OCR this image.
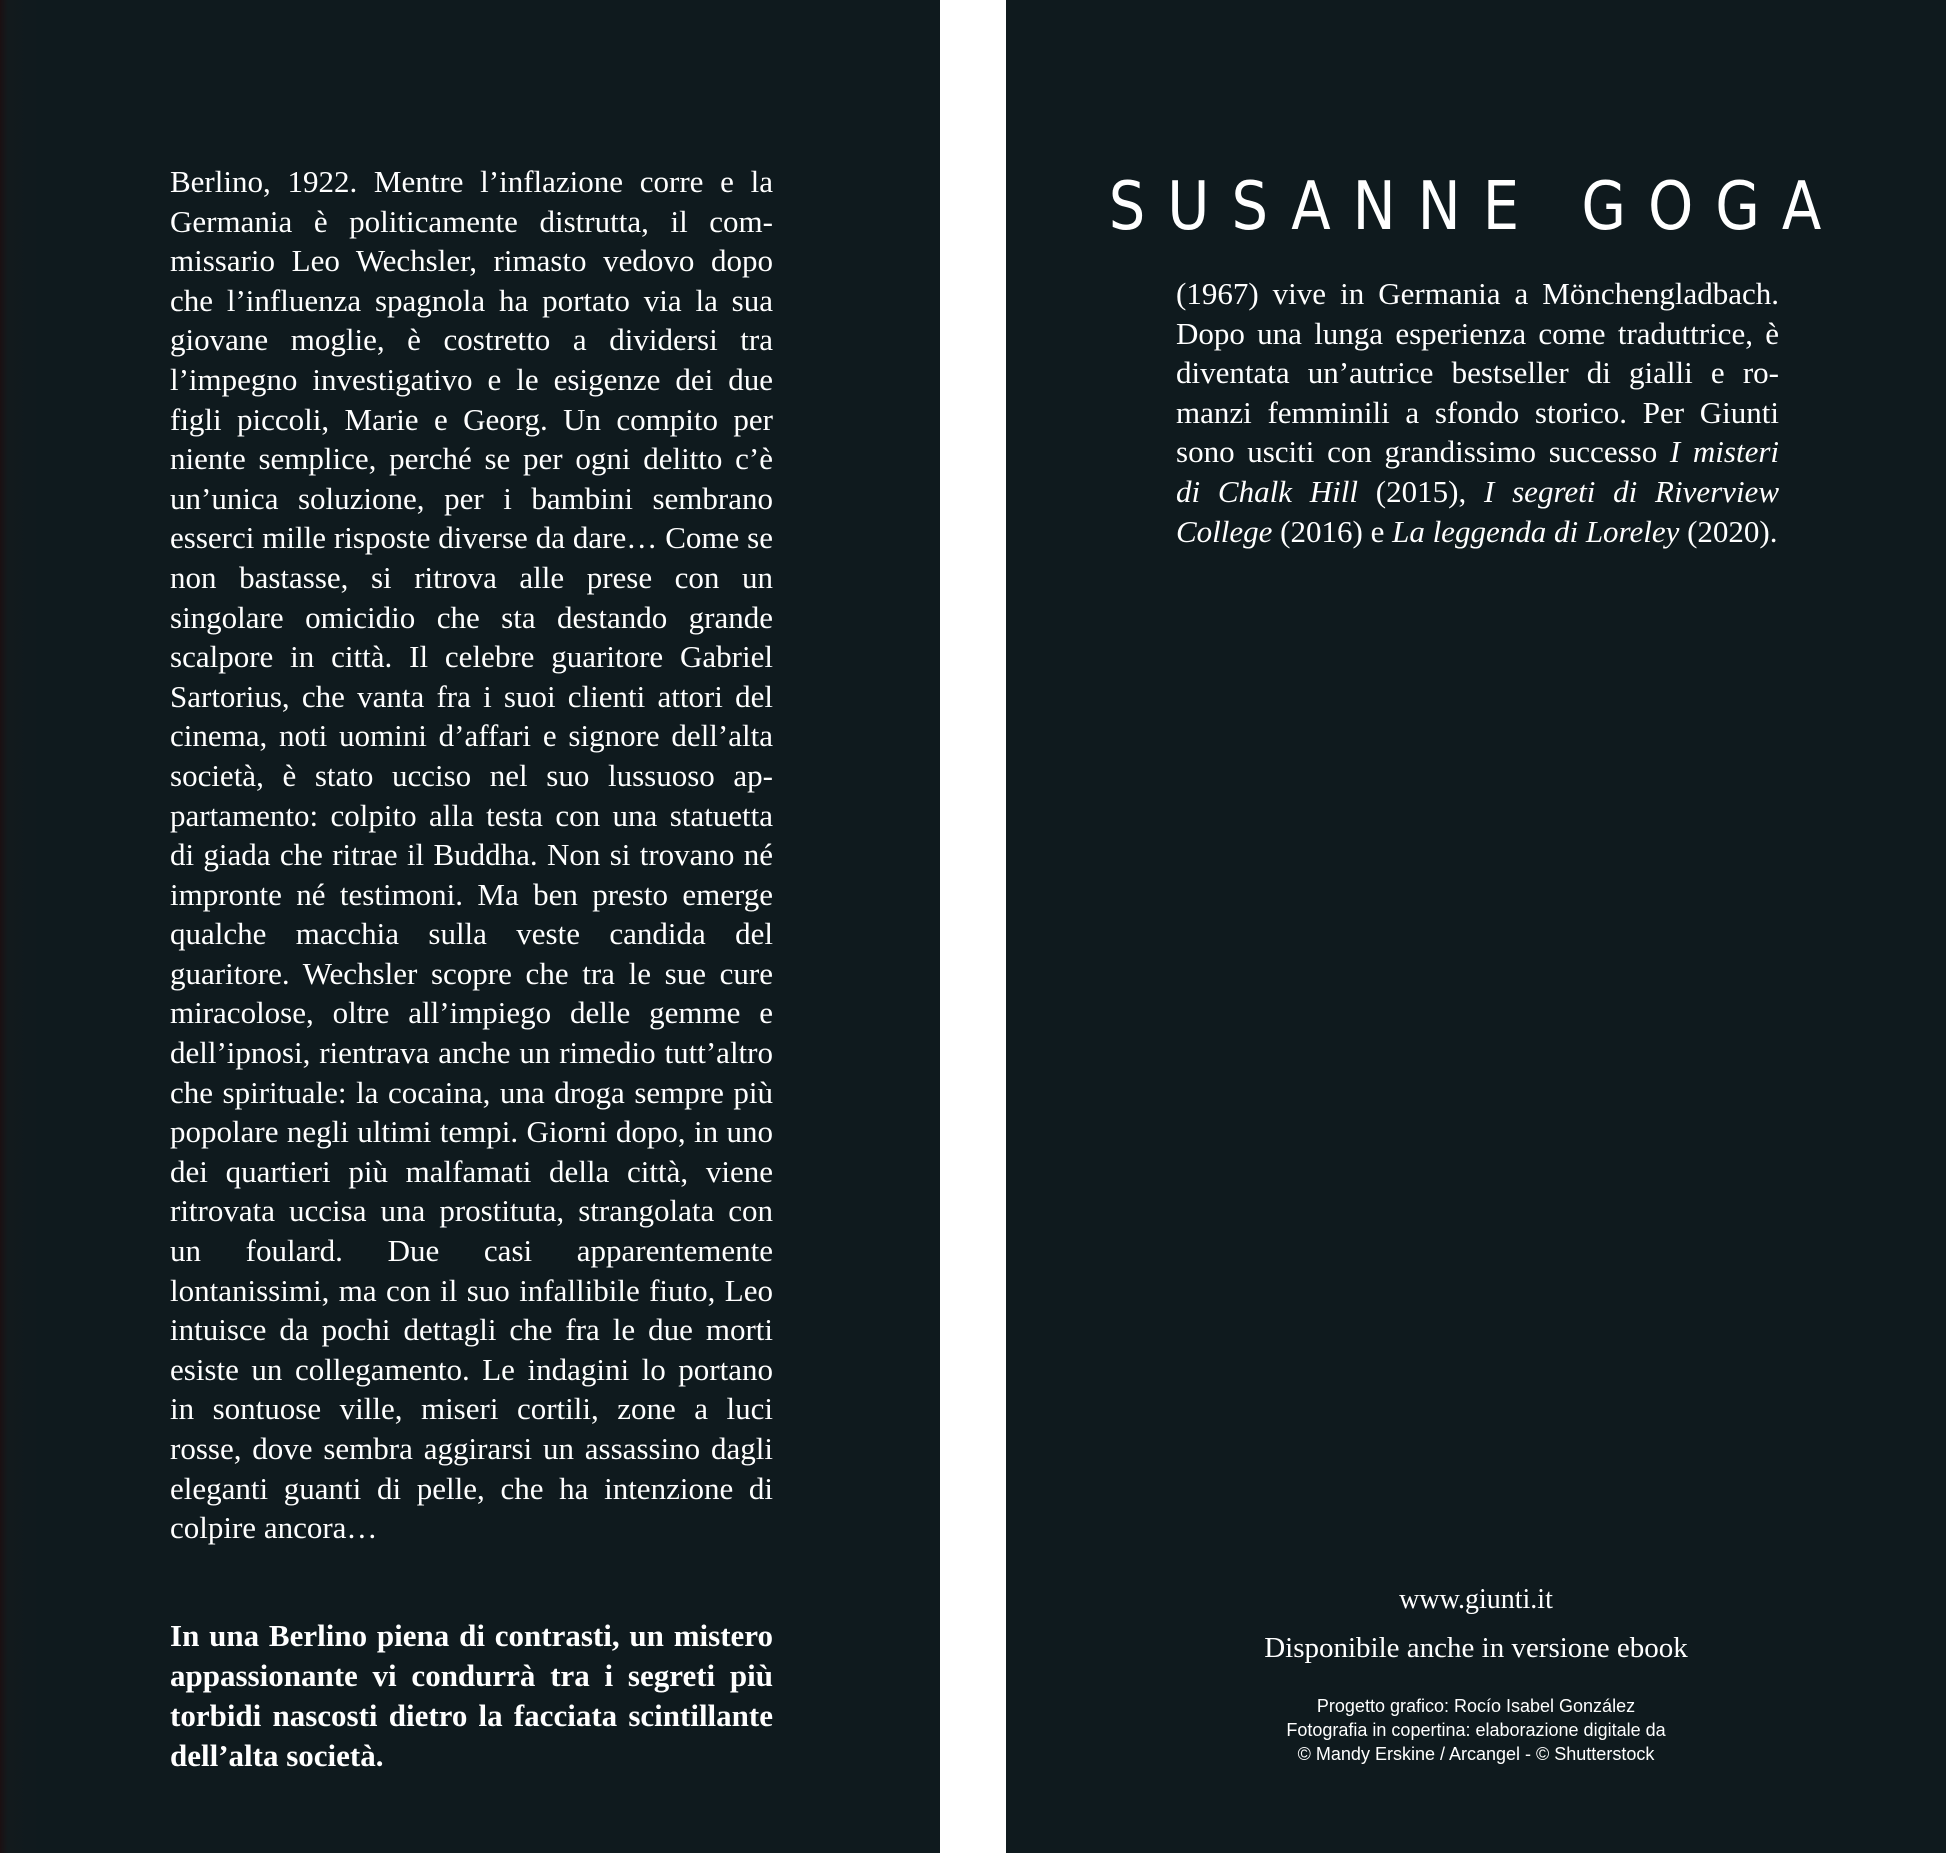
Berlino, 1922. Mentre l’inflazione corre e la Germania è politicamente distrutta, il commissario Leo Wechsler, rimasto vedovo dopo che l’influenza spagnola ha portato via la sua giovane moglie, è costretto a dividersi tra l’impegno investigativo e le esigenze dei due figli piccoli, Marie e Georg. Un compito per niente semplice, perché se per ogni delitto c’è un’unica soluzione, per i bambini sembrano esserci mille risposte diverse da dare… Come se non bastasse, si ritrova alle prese con un singolare omicidio che sta destando grande scalpore in città. Il celebre guaritore Gabriel Sartorius, che vanta fra i suoi clienti attori del cinema, noti uomini d’affari e signore dell’alta società, è stato ucciso nel suo lussuoso appartamento: colpito alla testa con una statuetta di giada che ritrae il Buddha. Non si trovano né impronte né testimoni. Ma ben presto emerge qualche macchia sulla veste candida del guaritore. Wechsler scopre che tra le sue cure miracolose, oltre all’impiego delle gemme e dell’ipnosi, rientrava anche un rimedio tutt’altro che spirituale: la cocaina, una droga sempre più popolare negli ultimi tempi. Giorni dopo, in uno dei quartieri più malfamati della città, viene ritrovata uccisa una prostituta, strangolata con un foulard. Due casi apparentemente lontanissimi, ma con il suo infallibile fiuto, Leo intuisce da pochi dettagli che fra le due morti esiste un collegamento. Le indagini lo portano in sontuose ville, miseri cortili, zone a luci rosse, dove sembra aggirarsi un assassino dagli eleganti guanti di pelle, che ha intenzione di colpire ancora…
In una Berlino piena di contrasti, un mistero appassionante vi condurrà tra i segreti più torbidi nascosti dietro la facciata scintillante dell’alta società.
SUSANNE GOGA
(1967) vive in Germania a Mönchengladbach. Dopo una lunga esperienza come traduttrice, è diventata un’autrice bestseller di gialli e romanzi femminili a sfondo storico. Per Giunti sono usciti con grandissimo successo I misteri di Chalk Hill (2015), I segreti di Riverview College (2016) e La leggenda di Loreley (2020).
www.giunti.it
Disponibile anche in versione ebook
Progetto grafico: Rocío Isabel González
Fotografia in copertina: elaborazione digitale da
© Mandy Erskine / Arcangel - © Shutterstock
